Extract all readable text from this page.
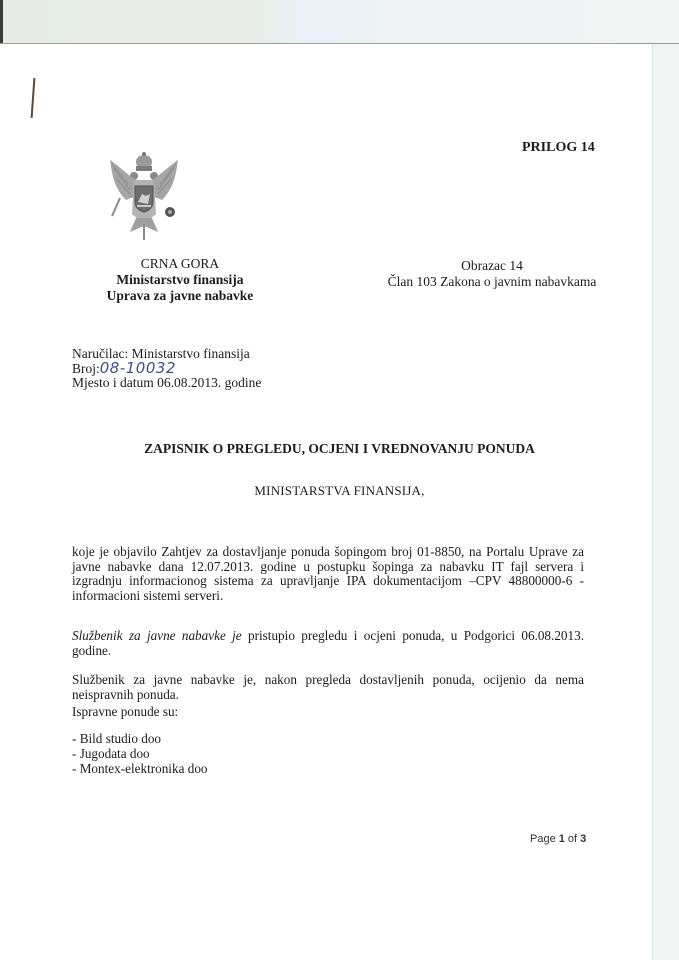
PRILOG 14
CRNA GORA
Ministarstvo finansija
Uprava za javne nabavke
Obrazac 14
Član 103 Zakona o javnim nabavkama
Naručilac: Ministarstvo finansija
Broj:08-10032
Mjesto i datum 06.08.2013. godine
ZAPISNIK O PREGLEDU, OCJENI I VREDNOVANJU PONUDA
MINISTARSTVA FINANSIJA,
koje je objavilo Zahtjev za dostavljanje ponuda šopingom broj 01-8850, na Portalu Uprave za javne nabavke dana 12.07.2013. godine u postupku šopinga za nabavku IT fajl servera i izgradnju informacionog sistema za upravljanje IPA dokumentacijom –CPV 48800000-6 - informacioni sistemi serveri.
Službenik za javne nabavke je pristupio pregledu i ocjeni ponuda, u Podgorici 06.08.2013. godine.
Službenik za javne nabavke je, nakon pregleda dostavljenih ponuda, ocijenio da nema neispravnih ponuda.
Ispravne ponude su:
- Bild studio doo
- Jugodata doo
- Montex-elektronika doo
Page 1 of 3
